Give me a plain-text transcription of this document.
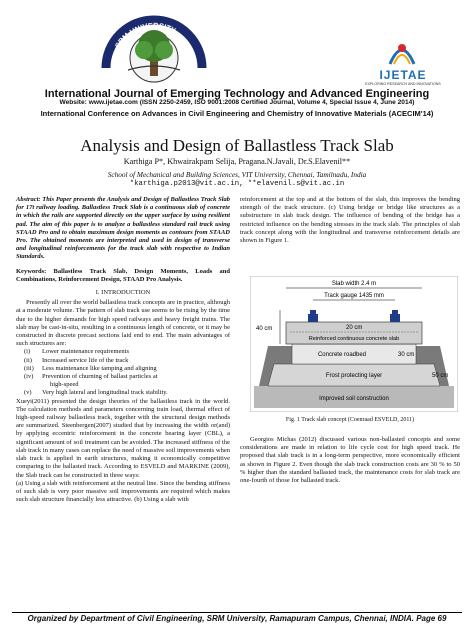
SRM UNIVERSITY
IJETAE
EXPLORING RESEARCH AND INNOVATIONS
International Journal of Emerging Technology and Advanced Engineering
Website: www.ijetae.com (ISSN 2250-2459, ISO 9001:2008 Certified Journal, Volume 4, Special Issue 4, June 2014)
International Conference on Advances in Civil Engineering and Chemistry of Innovative Materials (ACECIM'14)
Analysis and Design of Ballastless Track Slab
Karthiga P*, Khwairakpam Selija, Pragana.N.Javali, Dr.S.Elavenil**
School of Mechanical and Building Sciences, VIT University, Chennai, Tamilnadu, India
*karthiga.p2013@vit.ac.in, **elavenil.s@vit.ac.in

Abstract: This Paper presents the Analysis and Design of Ballastless Track Slab for 17t railway loading. Ballastless Track Slab is a continuous slab of concrete in which the rails are supported directly on the upper surface by using resilient pad. The aim of this paper is to analyze a ballastless standard rail track using STAAD Pro and to obtain maximum design moments as contours from STAAD Pro. The obtained moments are interpreted and used in design of transverse and longitudinal reinforcements for the track slab with respective to Indian Standards.

Keywords: Ballastless Track Slab, Design Moments, Loads and Combinations, Reinforcement Design, STAAD Pro Analysis.

I. INTRODUCTION

Presently all over the world ballastless track concepts are in practice, although at a moderate volume. The pattern of slab track use seems to be rising by the time due to the higher demands for high speed railways and heavy freight trains. The slab may be cast-in-situ, resulting in a continuous length of concrete, or it may be constructed in discrete precast sections laid end to end. The main advantages of such structures are:

(i) Lower maintenance requirements
(ii) Increased service life of the track
(iii) Less maintenance like tamping and aligning
(iv) Prevention of churning of ballast particles at
high-speed
(v) Very high lateral and longitudinal track stability.

Xueyi(2011) presented the design theories of the ballastless track in the world. The calculation methods and parameters concerning train load, thermal effect of high-speed railway ballastless track, together with the structural design methods are summarized. Steenbergen(2007) studied that by increasing the width or(and) by applying eccentric reinforcement in the concrete bearing layer (CBL), a significant amount of soil treatment can be avoided. The increased stiffness of the slab track in many cases can replace the need of massive soil improvements when slab track is applied in earth structures, making it economically competitive comparing to the ballasted track. According to ESVELD and MARKINE (2009), the Slab track can be constructed in three ways:

(a) Using a slab with reinforcement at the neutral line. Since the bending stiffness of such slab is very poor massive soil improvements are required which makes such slab structure financially less attractive. (b) Using a slab with

reinforcement at the top and at the bottom of the slab, this improves the bending strength of the track structure. (c) Using bridge or bridge like structures as a substructure in slab track design. The influence of bending of the bridge has a restricted influence on the bending stresses in the track slab. The principles of slab track concept along with the longitudinal and transverse reinforcement details are shown in Figure 1.

Improved soil construction
Frost protecting layer	50 cm
Concrete roadbed	30 cm
Reinforced continuous concrete slab
20 cm
Slab width 2.4 m
Track gauge 1435 mm
40 cm
Fig. 1 Track slab concept (Coenraad ESVELD, 2011)

Georgios Michas (2012) discussed various non-ballasted concepts and some considerations are made in relation to life cycle cost for high speed track. He proposed that slab track is in a long-term perspective, more economically efficient as shown in Figure 2. Even though the slab track construction costs are 30 % to 50 % higher than the standard ballasted track, the maintenance costs for slab track are one-fourth of those for ballasted track.

Organized by Department of Civil Engineering, SRM University, Ramapuram Campus, Chennai, INDIA. Page 69
